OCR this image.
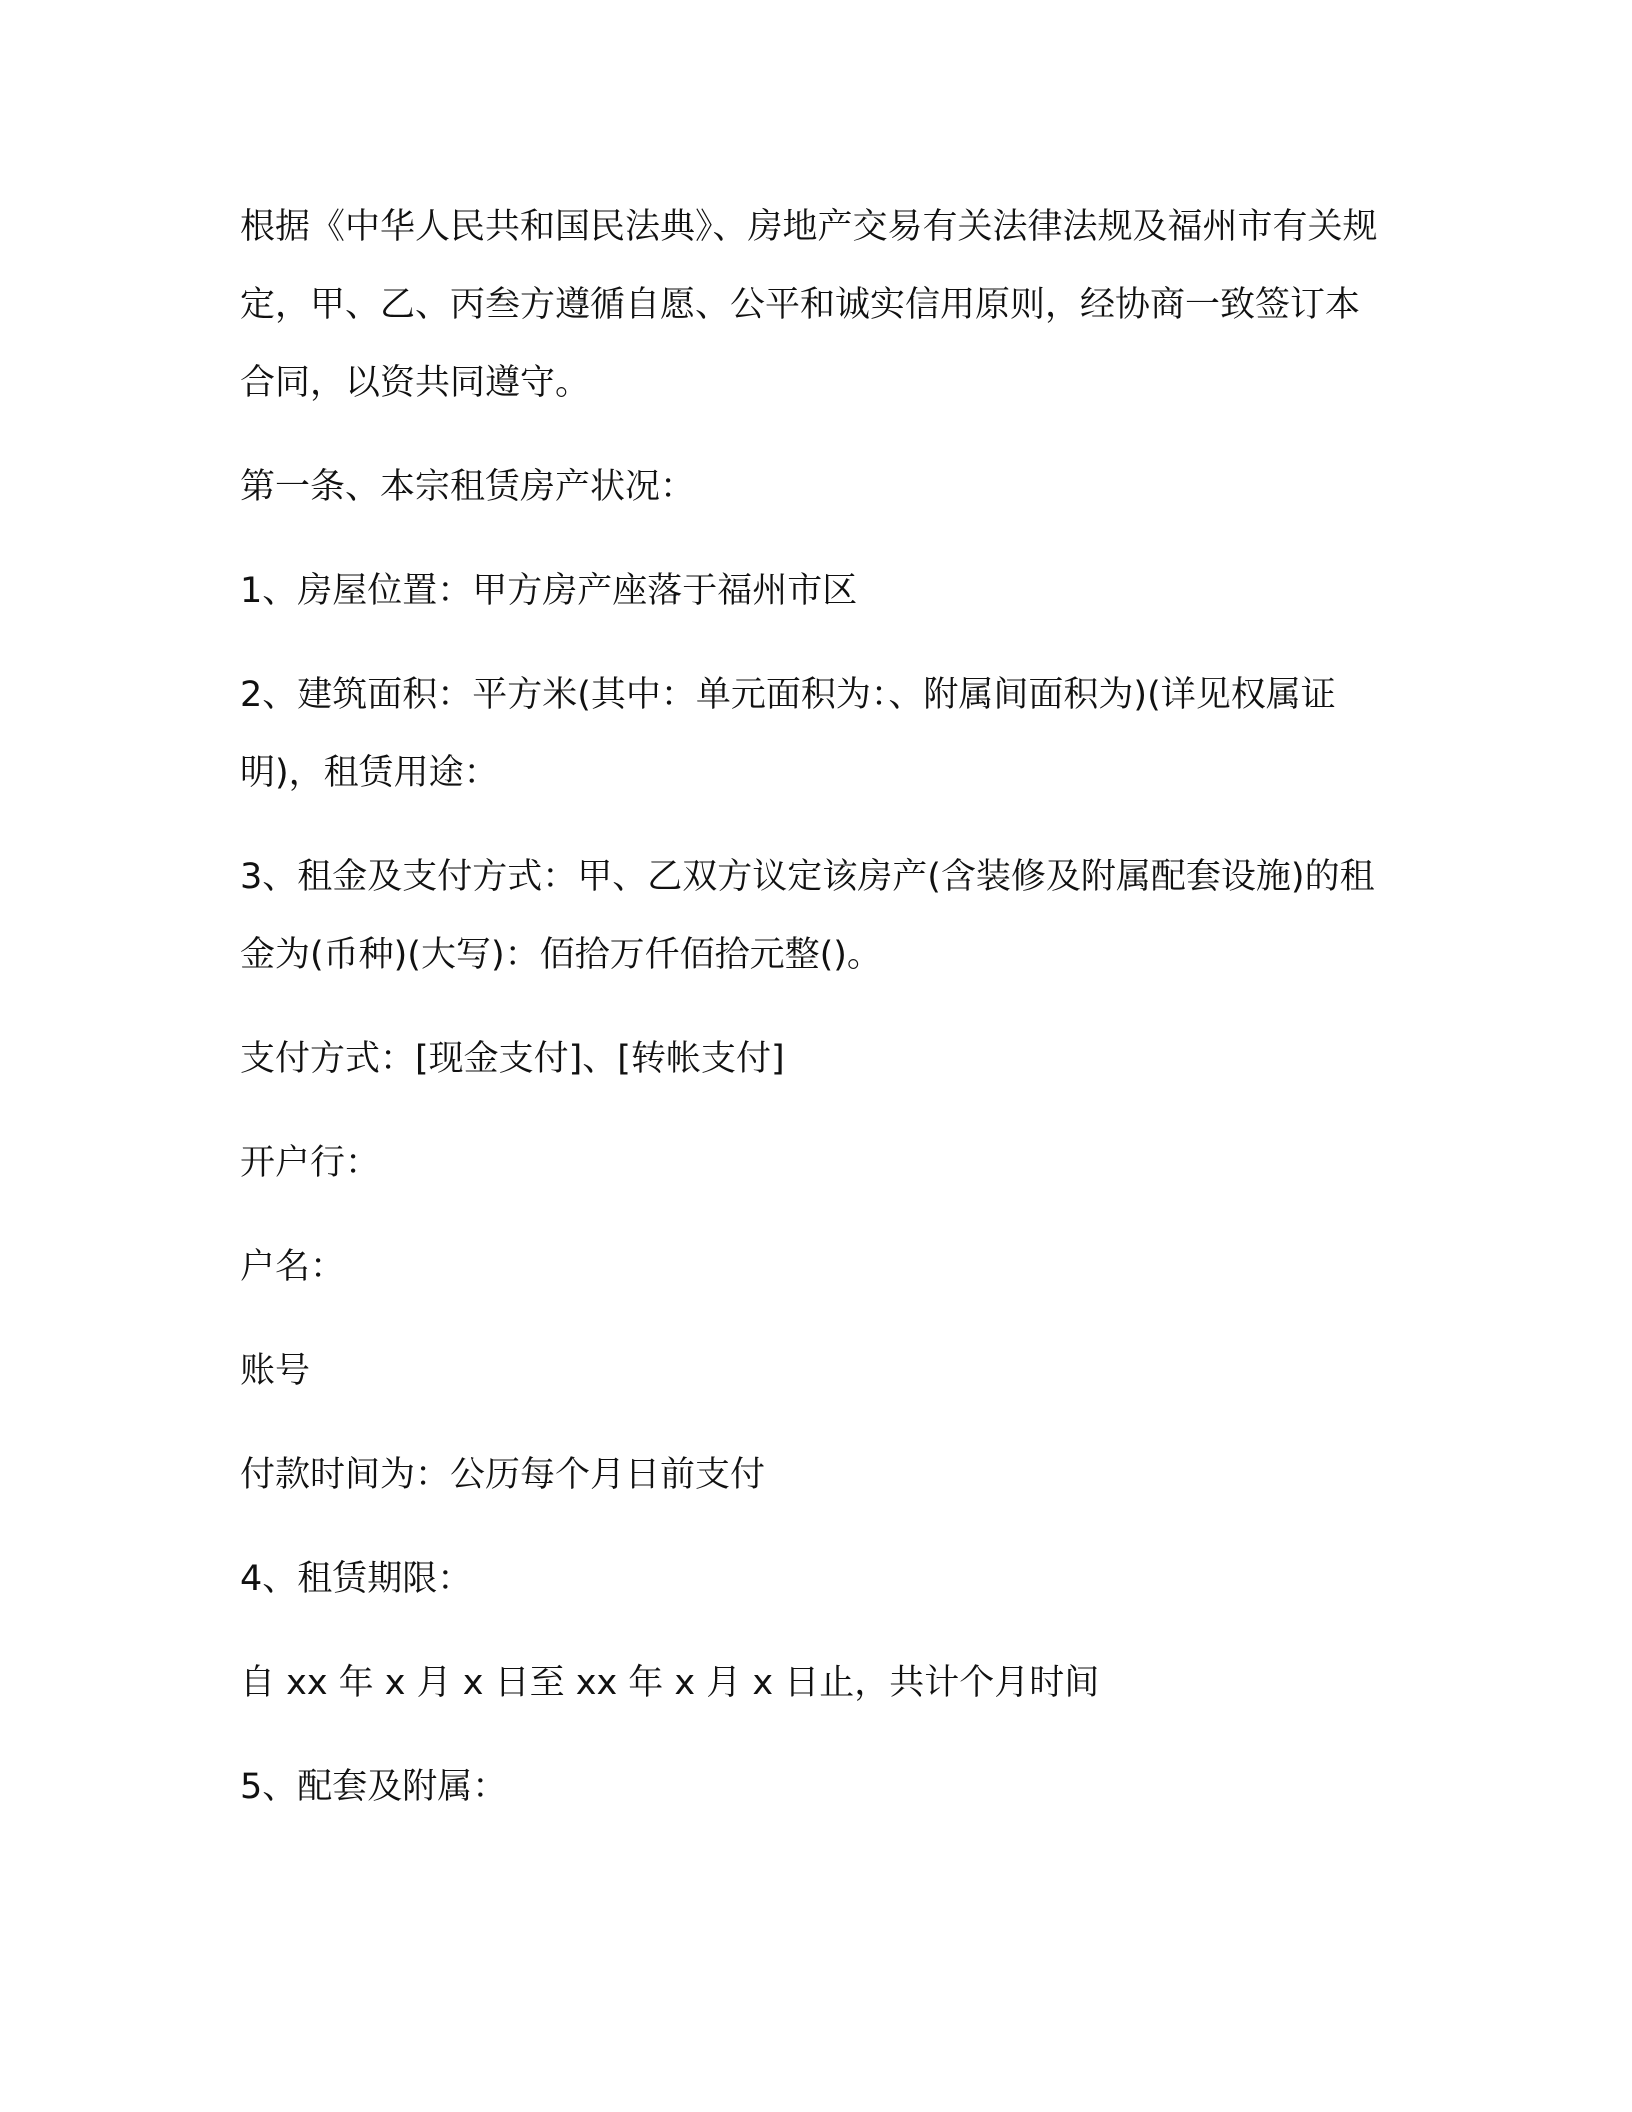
根据《中华人民共和国民法典》、房地产交易有关法律法规及福州市有关规定，甲、乙、丙叁方遵循自愿、公平和诚实信用原则，经协商一致签订本合同，以资共同遵守。

第一条、本宗租赁房产状况：

1、房屋位置：甲方房产座落于福州市区

2、建筑面积：平方米(其中：单元面积为：、附属间面积为)(详见权属证明)，租赁用途：

3、租金及支付方式：甲、乙双方议定该房产(含装修及附属配套设施)的租金为(币种)(大写)：佰拾万仟佰拾元整()。

支付方式：[现金支付]、[转帐支付]

开户行：

户名：

账号

付款时间为：公历每个月日前支付

4、租赁期限：

自 xx 年 x 月 x 日至 xx 年 x 月 x 日止，共计个月时间

5、配套及附属：
